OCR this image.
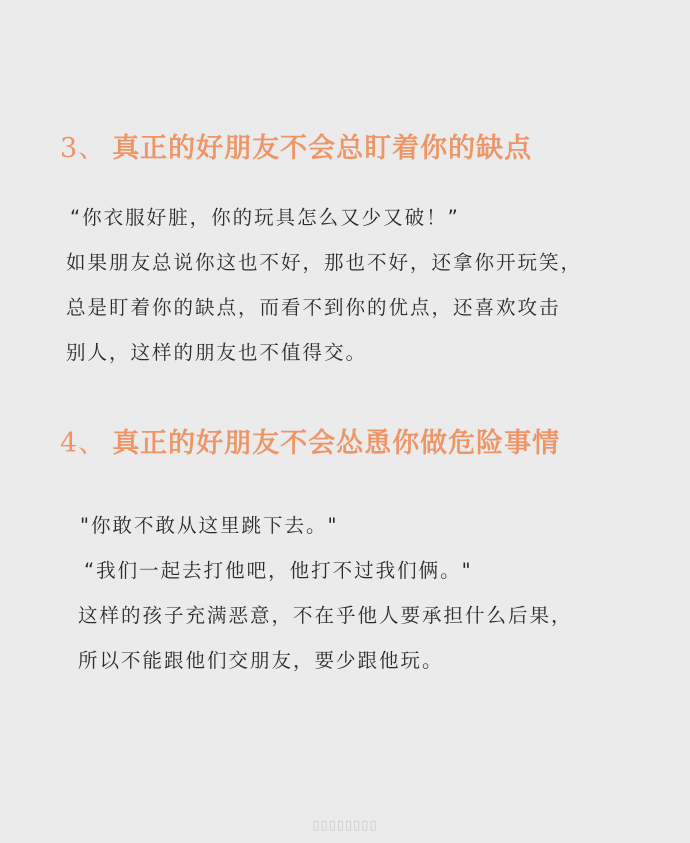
3、 真正的好朋友不会总盯着你的缺点
“你衣服好脏，你的玩具怎么又少又破！”
如果朋友总说你这也不好，那也不好，还拿你开玩笑，
总是盯着你的缺点，而看不到你的优点，还喜欢攻击
别人，这样的朋友也不值得交。
4、 真正的好朋友不会怂恿你做危险事情
"你敢不敢从这里跳下去。"
“我们一起去打他吧，他打不过我们俩。"
这样的孩子充满恶意，不在乎他人要承担什么后果，
所以不能跟他们交朋友，要少跟他玩。
▯▯▯▯▯▯▯▯
